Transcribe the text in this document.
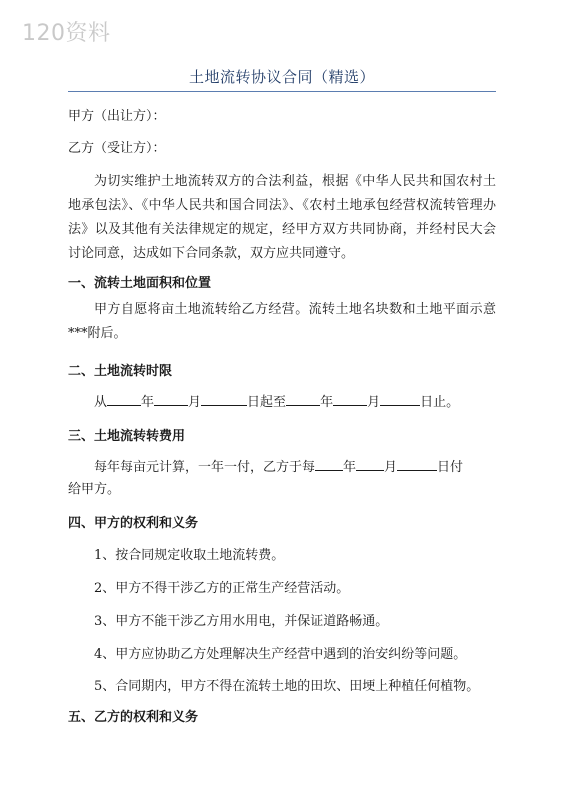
120资料
土地流转协议合同（精选）
甲方（出让方）：
乙方（受让方）：
为切实维护土地流转双方的合法利益，根据《中华人民共和国农村土地承包法》、《中华人民共和国合同法》、《农村土地承包经营权流转管理办法》以及其他有关法律规定的规定，经甲方双方共同协商，并经村民大会讨论同意，达成如下合同条款，双方应共同遵守。
一、流转土地面积和位置
甲方自愿将亩土地流转给乙方经营。流转土地名块数和土地平面示意***附后。
二、土地流转时限
从	年	月	日起至	年	月	日止。
三、土地流转转费用
每年每亩元计算，一年一付，乙方于每 年 月	日付
给甲方。
四、甲方的权利和义务
1、按合同规定收取土地流转费。
2、甲方不得干涉乙方的正常生产经营活动。
3、甲方不能干涉乙方用水用电，并保证道路畅通。
4、甲方应协助乙方处理解决生产经营中遇到的治安纠纷等问题。
5、合同期内，甲方不得在流转土地的田坎、田埂上种植任何植物。
五、乙方的权利和义务
